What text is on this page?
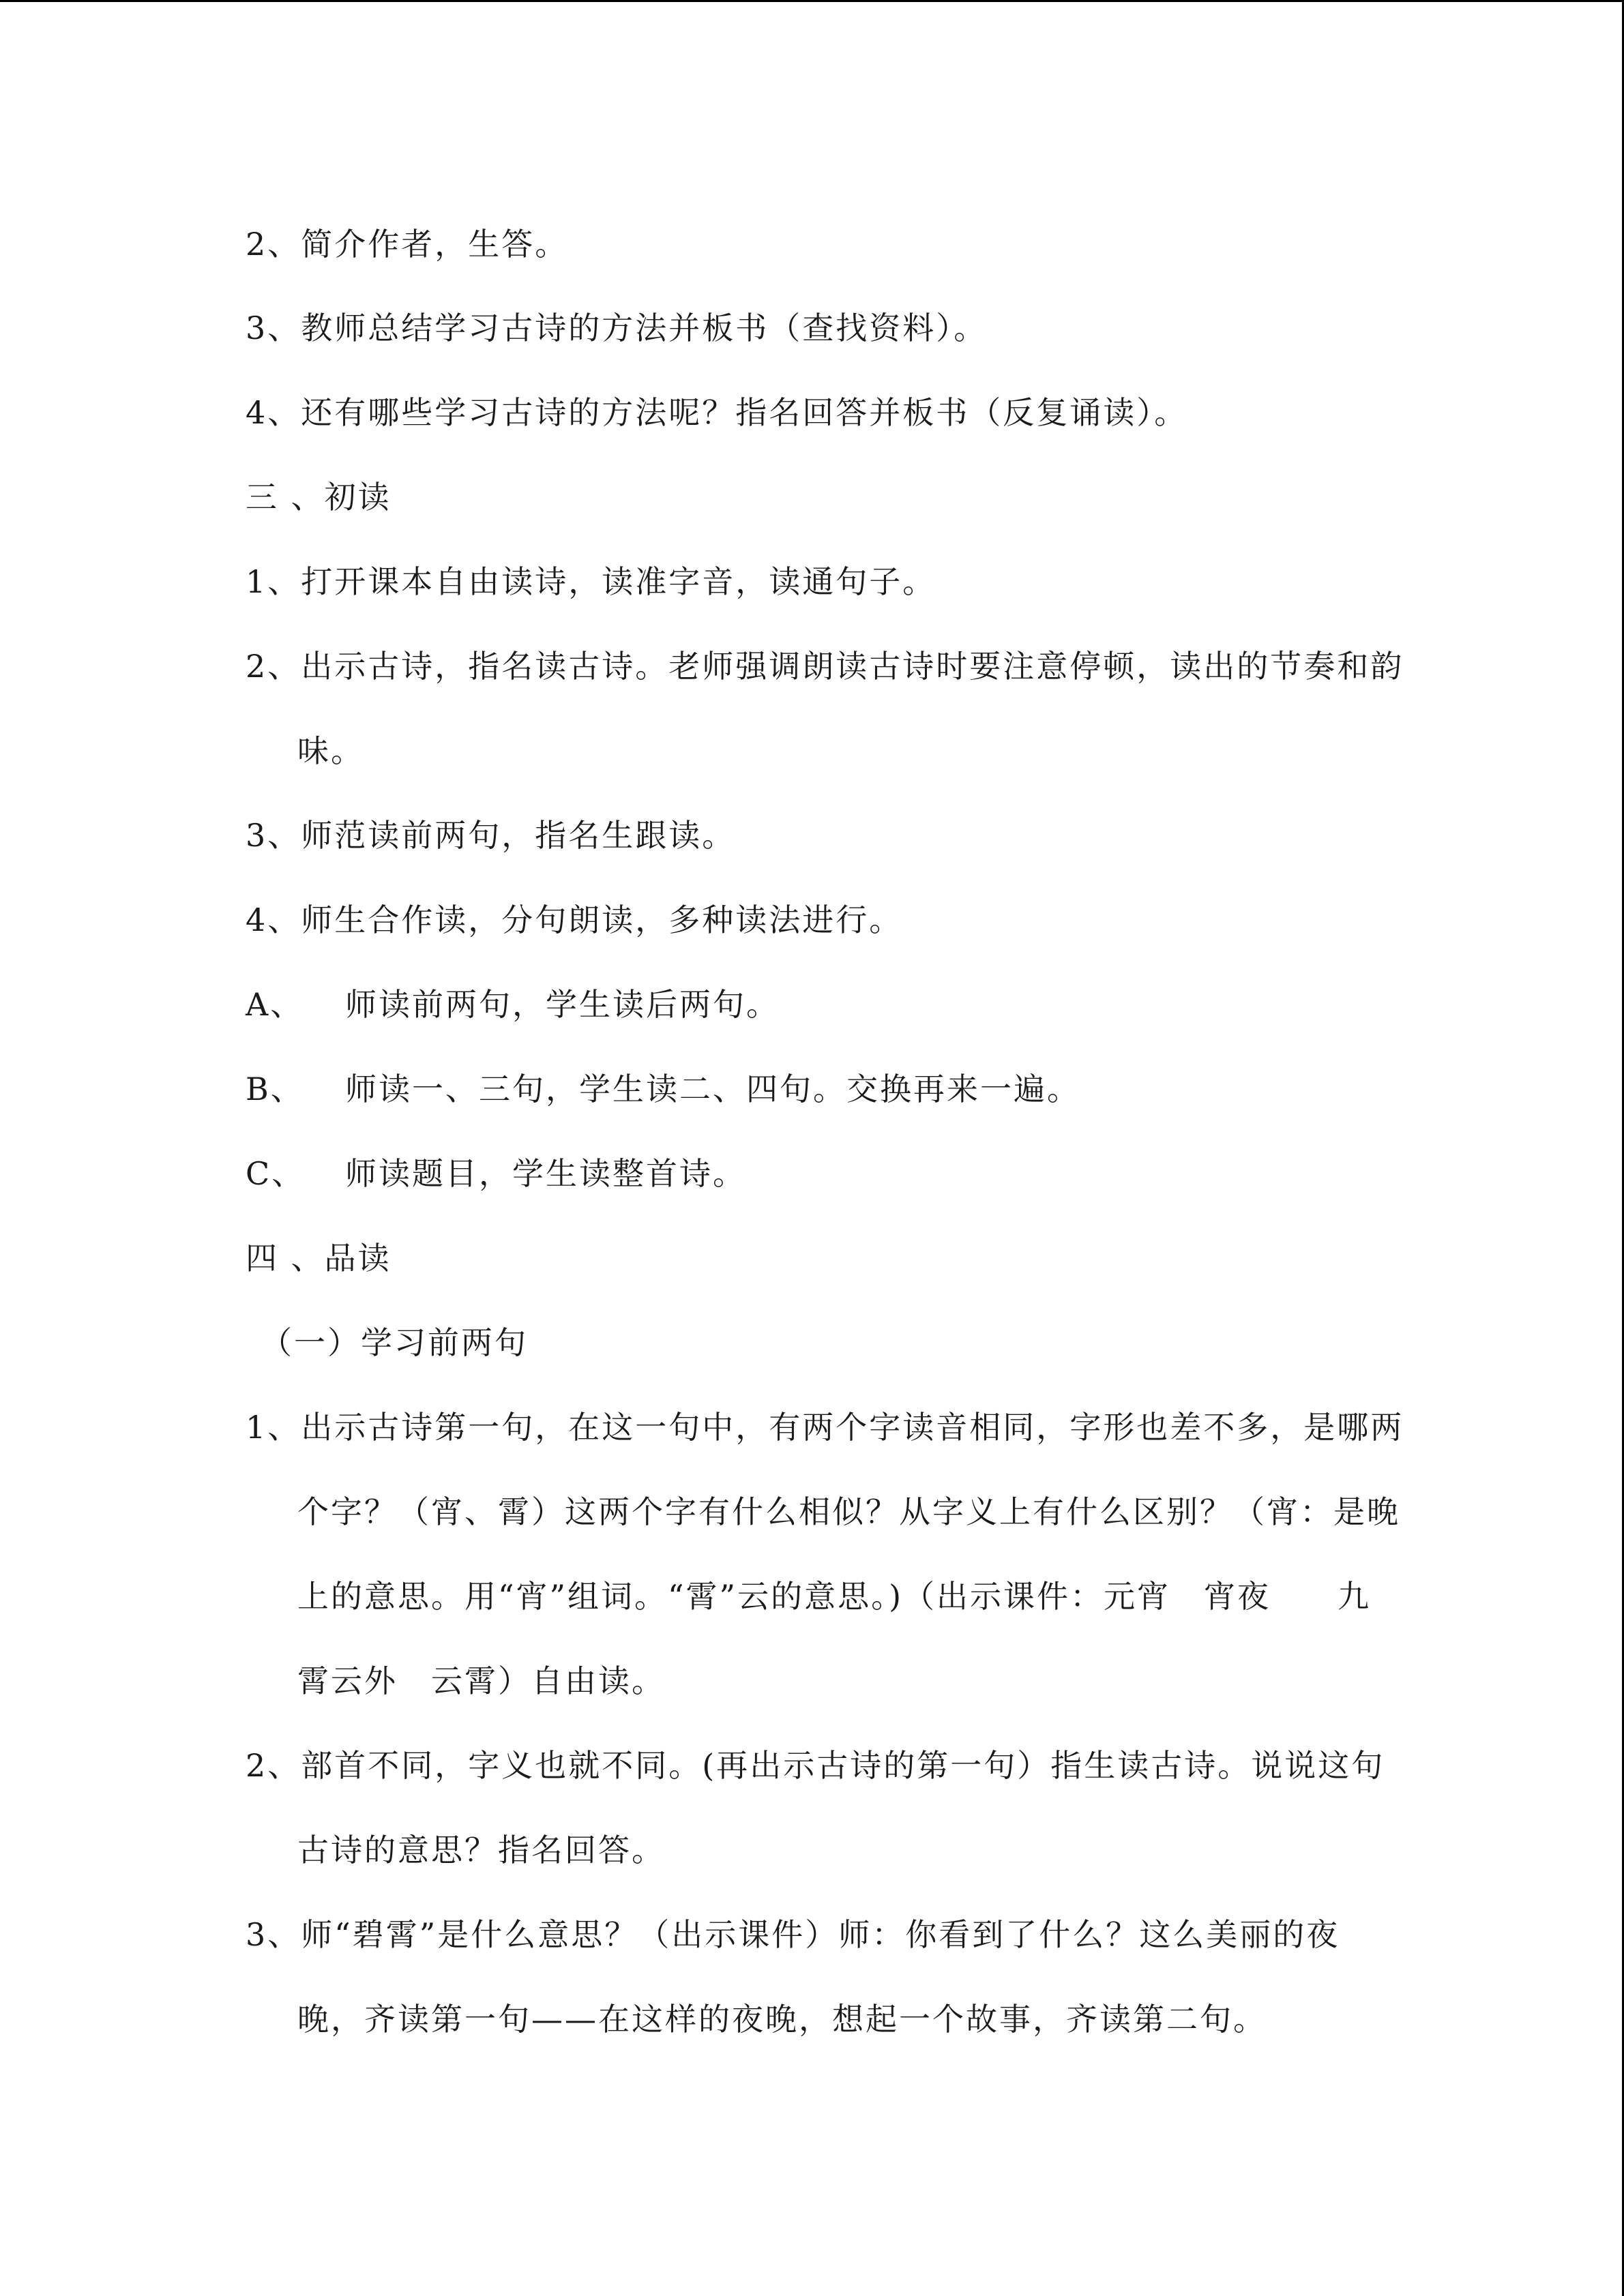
2、简介作者，生答。
3、教师总结学习古诗的方法并板书（查找资料）。
4、还有哪些学习古诗的方法呢？指名回答并板书（反复诵读）。
三 、初读
1、打开课本自由读诗，读准字音，读通句子。
2、出示古诗，指名读古诗。老师强调朗读古诗时要注意停顿，读出的节奏和韵
味。
3、师范读前两句，指名生跟读。
4、师生合作读，分句朗读，多种读法进行。
A、 师读前两句，学生读后两句。
B、 师读一、三句，学生读二、四句。交换再来一遍。
C、 师读题目，学生读整首诗。
四 、品读
（一）学习前两句
1、出示古诗第一句，在这一句中，有两个字读音相同，字形也差不多，是哪两
个字？（宵、霄）这两个字有什么相似？从字义上有什么区别？（宵：是晚
上的意思。用“宵”组词。“霄”云的意思。)（出示课件：元宵　宵夜　　九
霄云外　云霄）自由读。
2、部首不同，字义也就不同。(再出示古诗的第一句）指生读古诗。说说这句
古诗的意思？指名回答。
3、师“碧霄”是什么意思？（出示课件）师：你看到了什么？这么美丽的夜
晚，齐读第一句——在这样的夜晚，想起一个故事，齐读第二句。
